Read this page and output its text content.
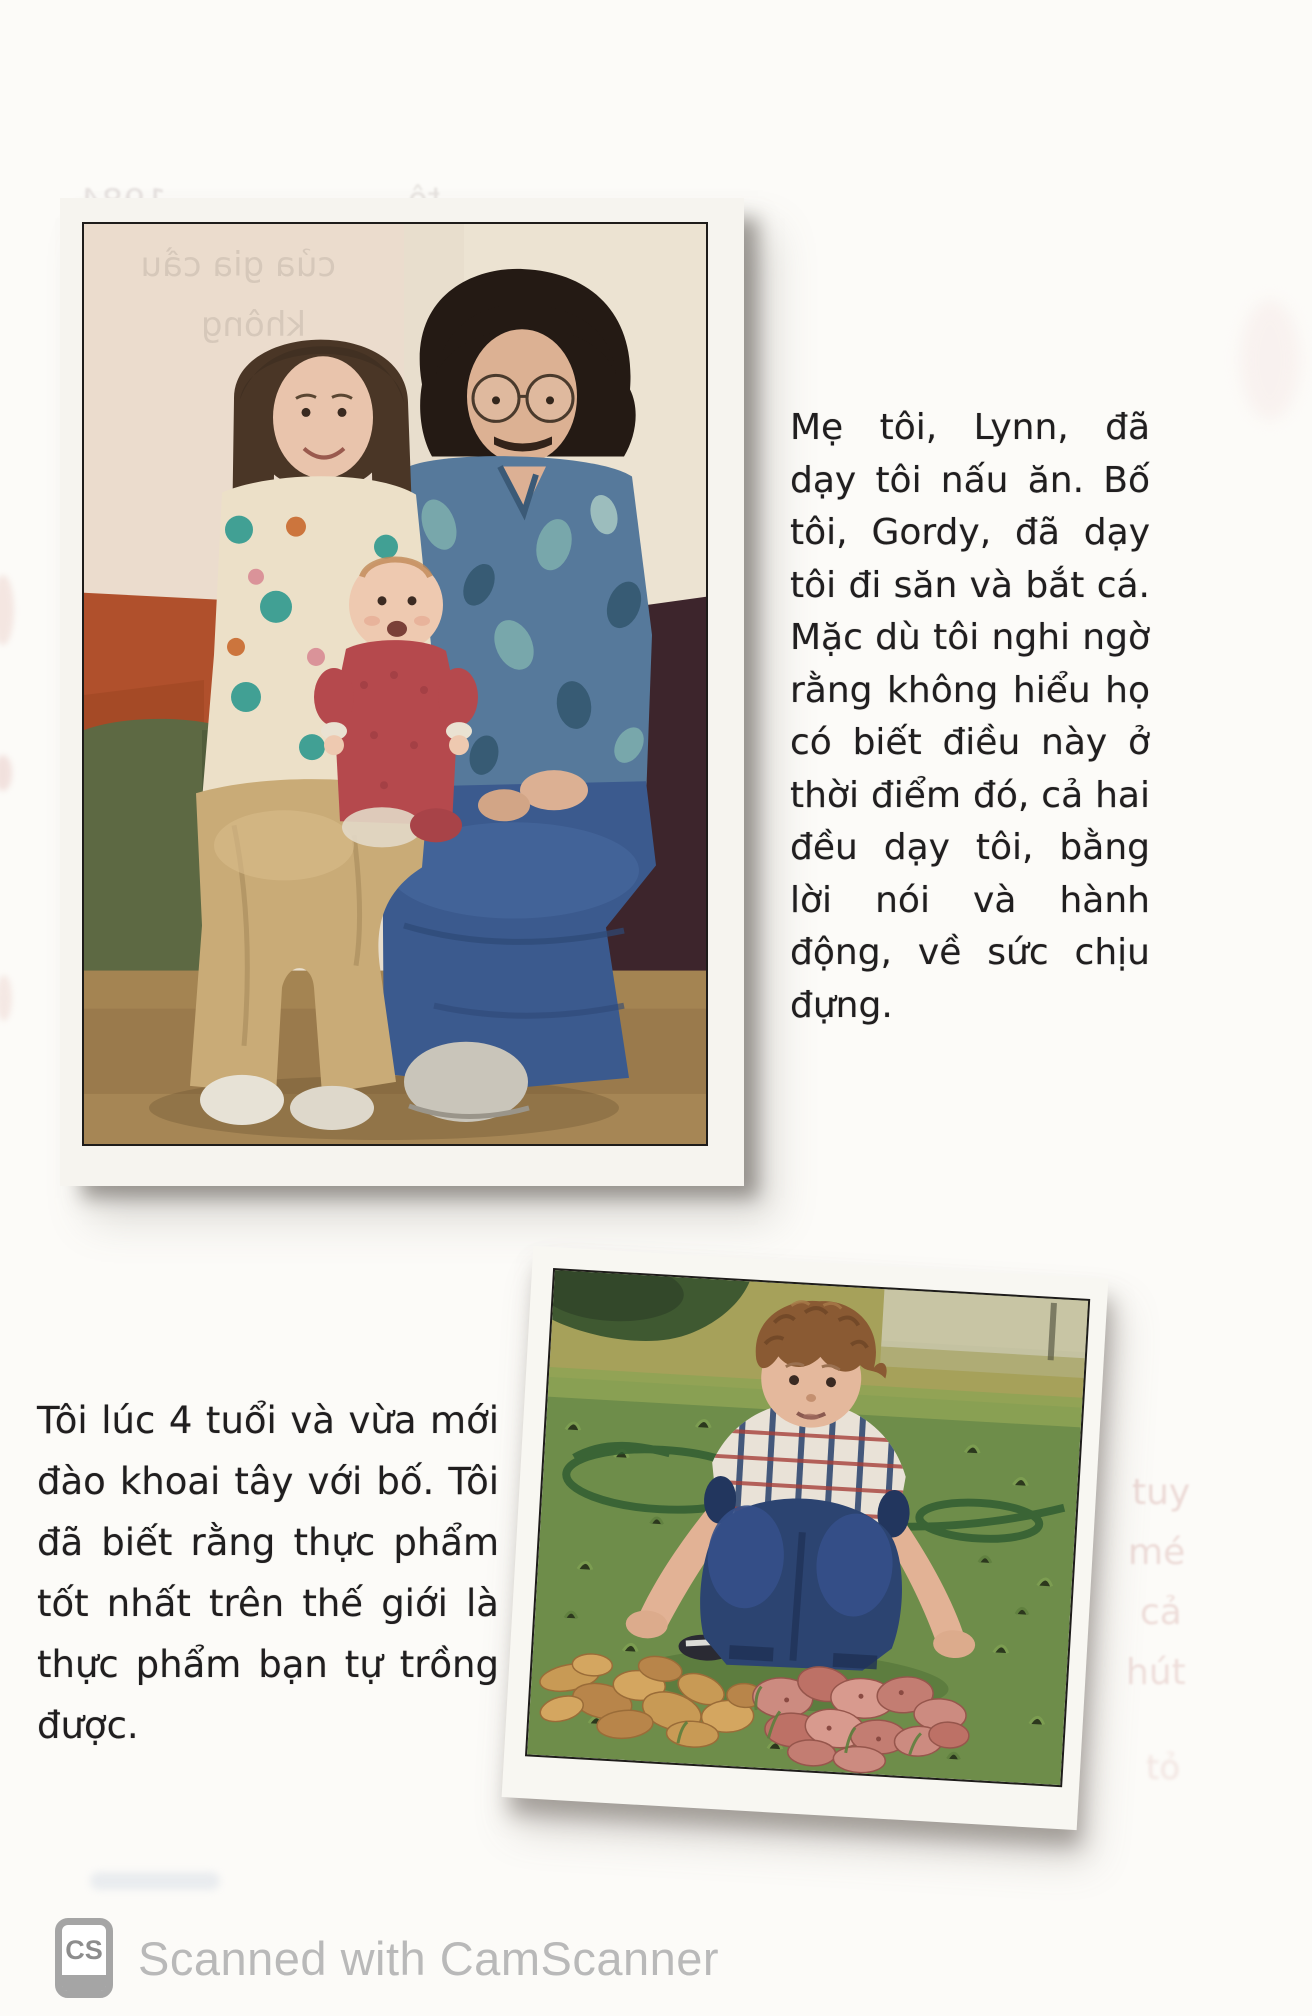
tuy
mé
cả
hút
tỏ
của gia cầu
không
Mẹ tôi, Lynn, đã
dạy tôi nấu ăn. Bố
tôi, Gordy, đã dạy
tôi đi săn và bắt cá.
Mặc dù tôi nghi ngờ
rằng không hiểu họ
có biết điều này ở
thời điểm đó, cả hai
đều dạy tôi, bằng
lời nói và hành
động, về sức chịu
đựng.
Tôi lúc 4 tuổi và vừa mới
đào khoai tây với bố. Tôi
đã biết rằng thực phẩm
tốt nhất trên thế giới là
thực phẩm bạn tự trồng
được.
CS Scanned with CamScanner
